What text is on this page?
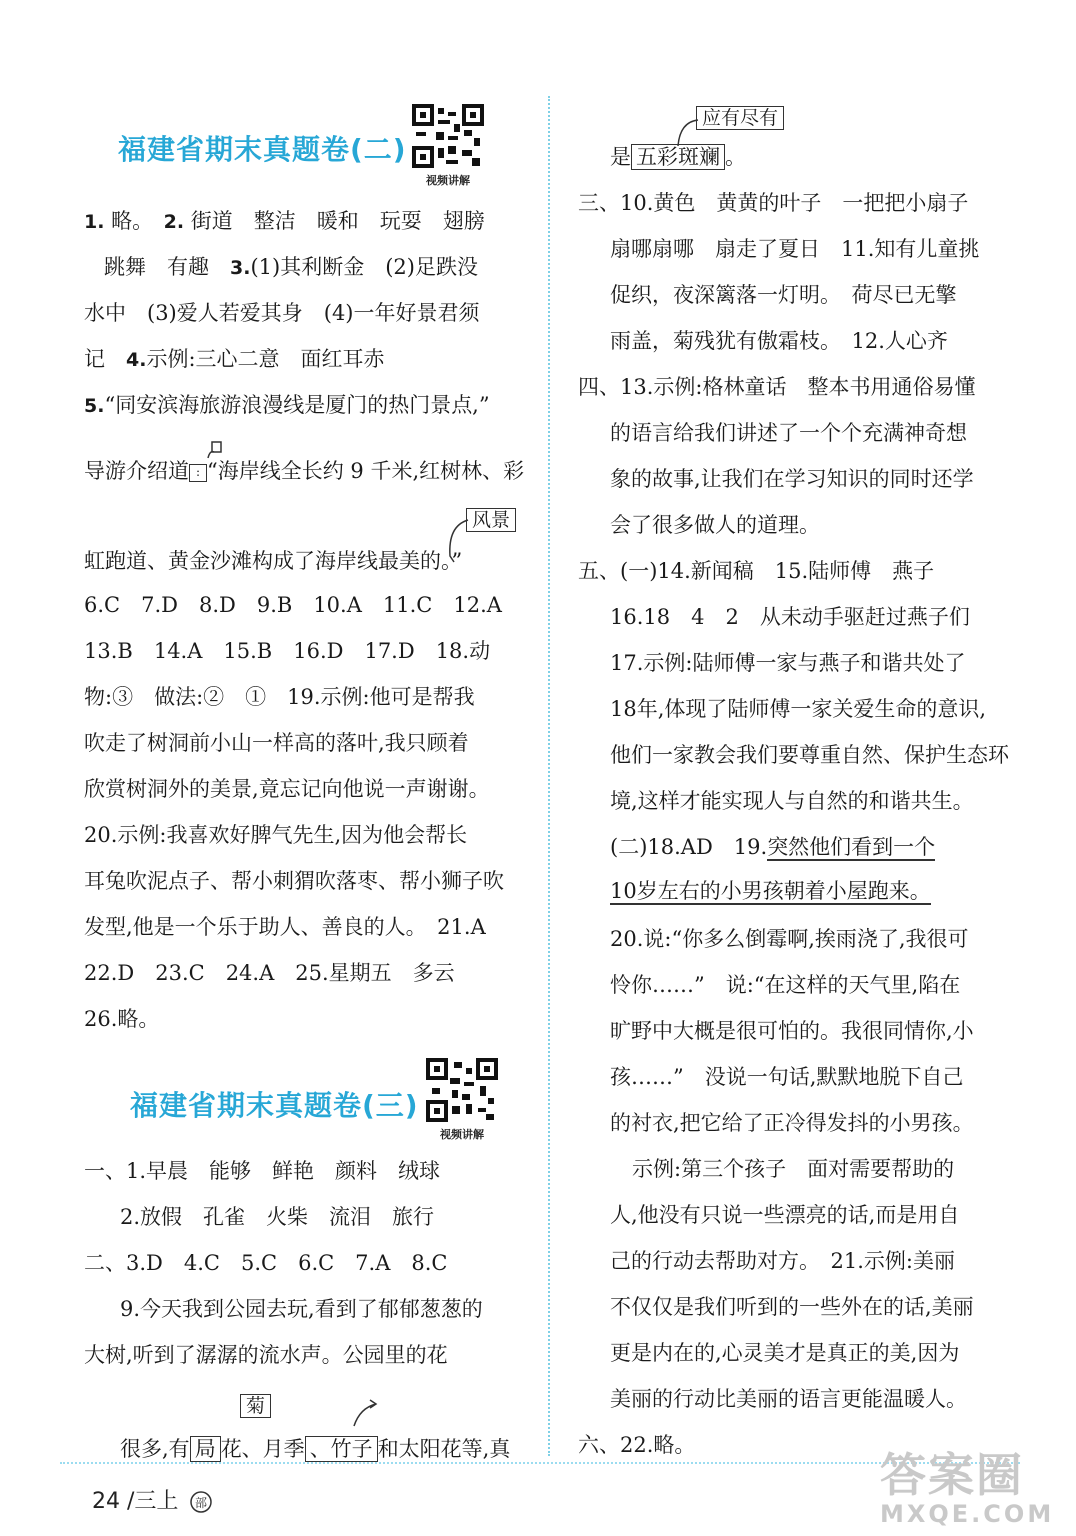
福建省期末真题卷(二)
视频讲解
1. 略。　2. 街道　整洁　暖和　玩耍　翅膀
跳舞　有趣　3.(1)其利断金　(2)足跌没
水中　(3)爱人若爱其身　(4)一年好景君须
记　4.示例:三心二意　面红耳赤
5.“同安滨海旅游浪漫线是厦门的热门景点,”
导游介绍道 : “海岸线全长约 9 千米,红树林、彩
风景
虹跑道、黄金沙滩构成了海岸线最美的。”
6.C　7.D　8.D　9.B　10.A　11.C　12.A
13.B　14.A　15.B　16.D　17.D　18.动
物:③　做法:②　①　19.示例:他可是帮我
吹走了树洞前小山一样高的落叶,我只顾着
欣赏树洞外的美景,竟忘记向他说一声谢谢。
20.示例:我喜欢好脾气先生,因为他会帮长
耳兔吹泥点子、帮小刺猬吹落枣、帮小狮子吹
发型,他是一个乐于助人、善良的人。　21.A
22.D　23.C　24.A　25.星期五　多云
26.略。
福建省期末真题卷(三)
视频讲解
一、1.早晨　能够　鲜艳　颜料　绒球
2.放假　孔雀　火柴　流泪　旅行
二、3.D　4.C　5.C　6.C　7.A　8.C
9.今天我到公园去玩,看到了郁郁葱葱的
大树,听到了潺潺的流水声。公园里的花
菊
很多,有 局 花、月季 、竹子 和太阳花等,真
应有尽有
是 五彩斑斓 。
三、10.黄色　黄黄的叶子　一把把小扇子
扇哪扇哪　扇走了夏日　11.知有儿童挑
促织，夜深篱落一灯明。　荷尽已无擎
雨盖，菊残犹有傲霜枝。　12.人心齐
四、13.示例:格林童话　整本书用通俗易懂
的语言给我们讲述了一个个充满神奇想
象的故事,让我们在学习知识的同时还学
会了很多做人的道理。
五、(一)14.新闻稿　15.陆师傅　燕子
16.18　4　2　从未动手驱赶过燕子们
17.示例:陆师傅一家与燕子和谐共处了
18年,体现了陆师傅一家关爱生命的意识,
他们一家教会我们要尊重自然、保护生态环
境,这样才能实现人与自然的和谐共生。
(二)18.AD　19.突然他们看到一个
10岁左右的小男孩朝着小屋跑来。
20.说:“你多么倒霉啊,挨雨浇了,我很可
怜你……”　说:“在这样的天气里,陷在
旷野中大概是很可怕的。我很同情你,小
孩……”　没说一句话,默默地脱下自己
的衬衣,把它给了正冷得发抖的小男孩。
示例:第三个孩子　面对需要帮助的
人,他没有只说一些漂亮的话,而是用自
己的行动去帮助对方。　21.示例:美丽
不仅仅是我们听到的一些外在的话,美丽
更是内在的,心灵美才是真正的美,因为
美丽的行动比美丽的语言更能温暖人。
六、22.略。
24 /三上 部
答案圈
MXQE.COM
